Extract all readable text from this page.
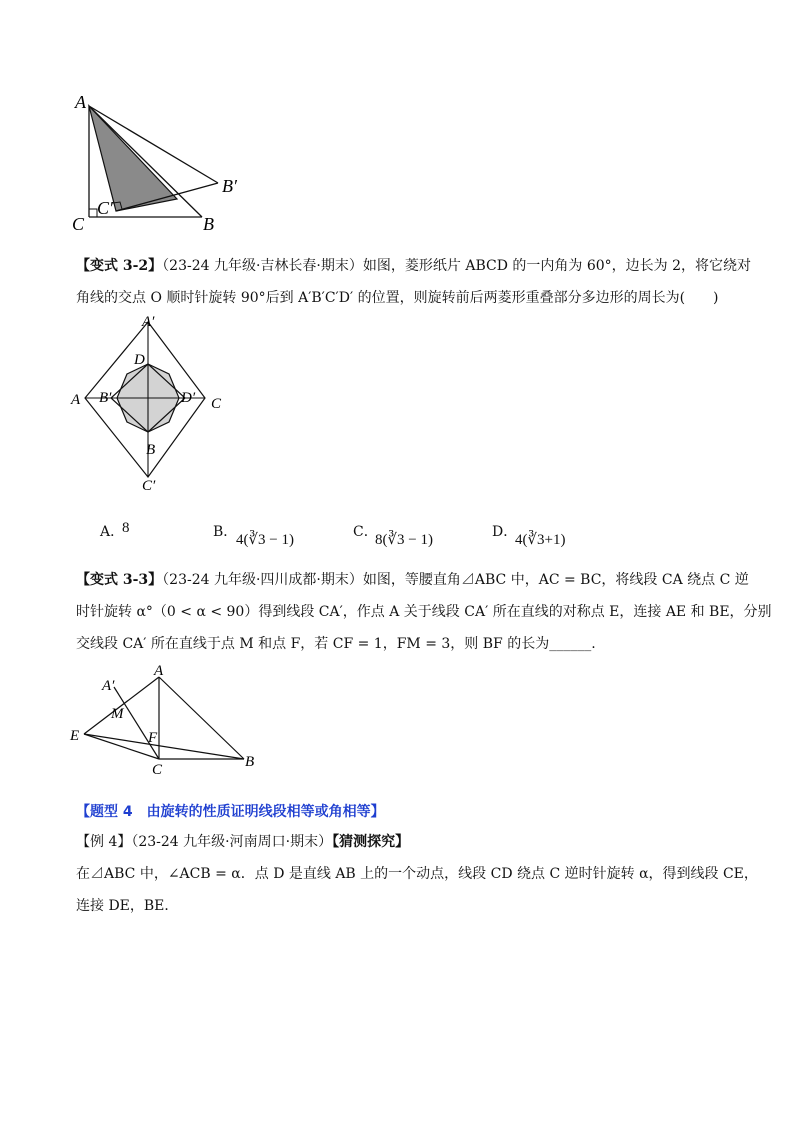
A
C
C′
B
B′
【变式 3-2】（23-24 九年级·吉林长春·期末）如图，菱形纸片 ABCD 的一内角为 60°，边长为 2，将它绕对
角线的交点 O 顺时针旋转 90°后到 A′B′C′D′ 的位置，则旋转前后两菱形重叠部分多边形的周长为(　　)
A′
D
A B′	D′ C
B
C′
A．
8	B．
4(∛3 − 1)	C．
8(∛3 − 1)	D．
4(∛3+1)
【变式 3-3】（23-24 九年级·四川成都·期末）如图，等腰直角⊿ABC 中，AC = BC，将线段 CA 绕点 C 逆
时针旋转 α°（0 < α < 90）得到线段 CA′，作点 A 关于线段 CA′ 所在直线的对称点 E，连接 AE 和 BE，分别
交线段 CA′ 所在直线于点 M 和点 F，若 CF = 1，FM = 3，则 BF 的长为______.
A
A′
M
E	F
C	B
【题型 4　由旋转的性质证明线段相等或角相等】
【例 4】（23-24 九年级·河南周口·期末）【猜测探究】
在⊿ABC 中，∠ACB = α．点 D 是直线 AB 上的一个动点，线段 CD 绕点 C 逆时针旋转 α，得到线段 CE，
连接 DE，BE．
